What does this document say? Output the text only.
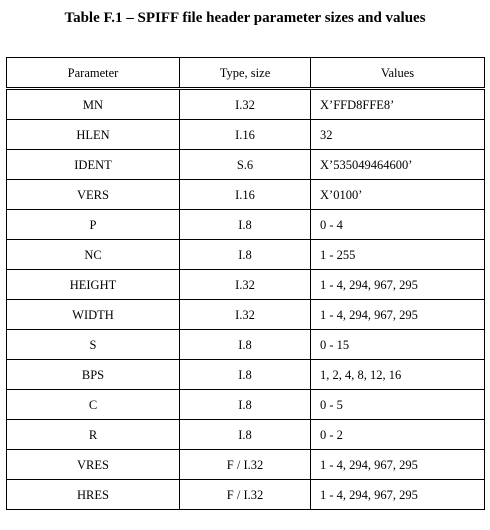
Table F.1 – SPIFF file header parameter sizes and values
Parameter	Type, size	Values
MN	I.32	X’FFD8FFE8’
HLEN	I.16	32
IDENT	S.6	X’535049464600’
VERS	I.16	X’0100’
P	I.8	0 - 4
NC	I.8	1 - 255
HEIGHT	I.32	1 - 4, 294, 967, 295
WIDTH	I.32	1 - 4, 294, 967, 295
S	I.8	0 - 15
BPS	I.8	1, 2, 4, 8, 12, 16
C	I.8	0 - 5
R	I.8	0 - 2
VRES	F / I.32	1 - 4, 294, 967, 295
HRES	F / I.32	1 - 4, 294, 967, 295
